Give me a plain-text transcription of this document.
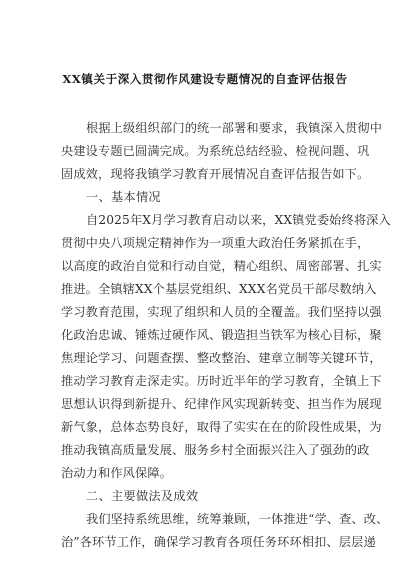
XX镇关于深入贯彻作风建设专题情况的自查评估报告
根据上级组织部门的统一部署和要求，我镇深入贯彻中
央建设专题已圆满完成。为系统总结经验、检视问题、巩
固成效，现将我镇学习教育开展情况自查评估报告如下。
一、基本情况
自2025年X月学习教育启动以来，XX镇党委始终将深入
贯彻中央八项规定精神作为一项重大政治任务紧抓在手，
以高度的政治自觉和行动自觉，精心组织、周密部署、扎实
推进。全镇辖XX个基层党组织、XXX名党员干部尽数纳入
学习教育范围，实现了组织和人员的全覆盖。我们坚持以强
化政治忠诚、锤炼过硬作风、锻造担当铁军为核心目标，聚
焦理论学习、问题查摆、整改整治、建章立制等关键环节，
推动学习教育走深走实。历时近半年的学习教育，全镇上下
思想认识得到新提升、纪律作风实现新转变、担当作为展现
新气象，总体态势良好，取得了实实在在的阶段性成果，为
推动我镇高质量发展、服务乡村全面振兴注入了强劲的政
治动力和作风保障。
二、主要做法及成效
我们坚持系统思维，统筹兼顾，一体推进“学、查、改、
治”各环节工作，确保学习教育各项任务环环相扣、层层递
